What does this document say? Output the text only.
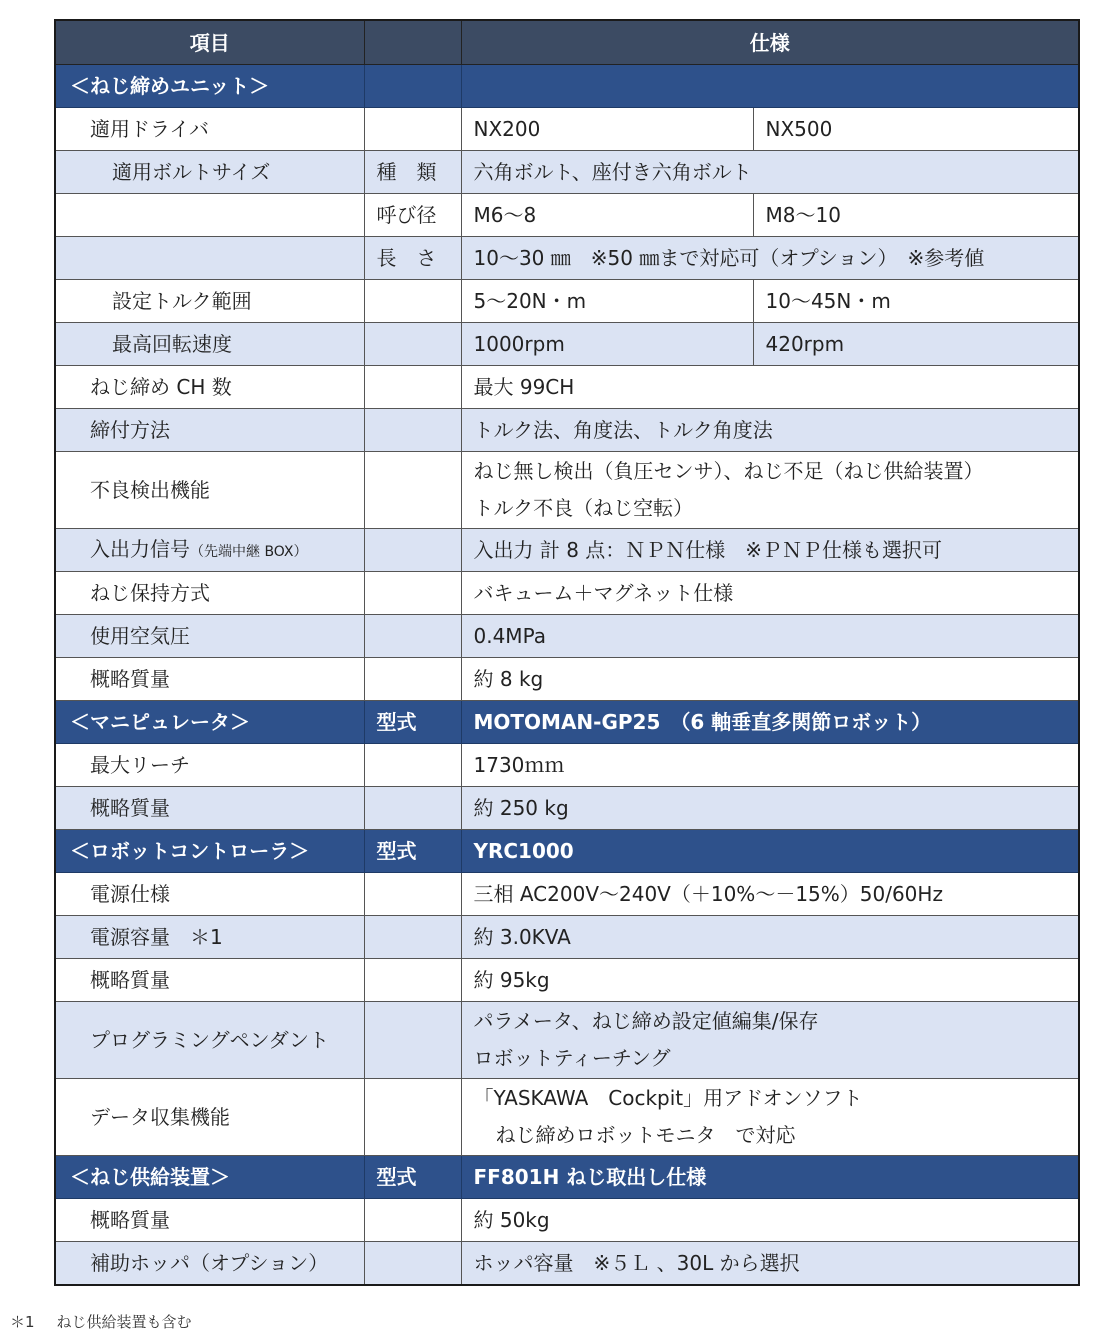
項目		仕様	
＜ねじ締めユニット＞			
適用ドライバ		NX200	NX500
適用ボルトサイズ	種　類	六角ボルト、座付き六角ボルト	
	呼び径	M6〜8	M8〜10
	長　さ	10〜30 ㎜　※50 ㎜まで対応可（オプション）　※参考値	
設定トルク範囲		5〜20N・m	10〜45N・m
最高回転速度		1000rpm	420rpm
ねじ締め CH 数		最大 99CH	
締付方法		トルク法、角度法、トルク角度法	
不良検出機能		ねじ無し検出（負圧センサ）、ねじ不足（ねじ供給装置）
トルク不良（ねじ空転）	

入出力信号（先端中継 BOX）		入出力 計 8 点：ＮＰＮ仕様　※ＰＮＰ仕様も選択可	
ねじ保持方式		バキューム＋マグネット仕様	
使用空気圧		0.4MPa	
概略質量		約 8 kg	
＜マニピュレータ＞	型式	MOTOMAN-GP25　（6 軸垂直多関節ロボット）	
最大リーチ		1730ｍｍ	
概略質量		約 250 kg	
＜ロボットコントローラ＞	型式	YRC1000	
電源仕様		三相 AC200V〜240V（＋10%〜－15%）50/60Hz	
電源容量　＊1		約 3.0KVA	
概略質量		約 95kg	
プログラミングペンダント		パラメータ、ねじ締め設定値編集/保存
ロボットティーチング	

データ収集機能		「YASKAWA　Cockpit」用アドオンソフト
ねじ締めロボットモニタ　で対応	

＜ねじ供給装置＞	型式	FF801H ねじ取出し仕様	
概略質量		約 50kg	
補助ホッパ（オプション）		ホッパ容量　※５Ｌ 、30L から選択	
＊1 ねじ供給装置も含む
